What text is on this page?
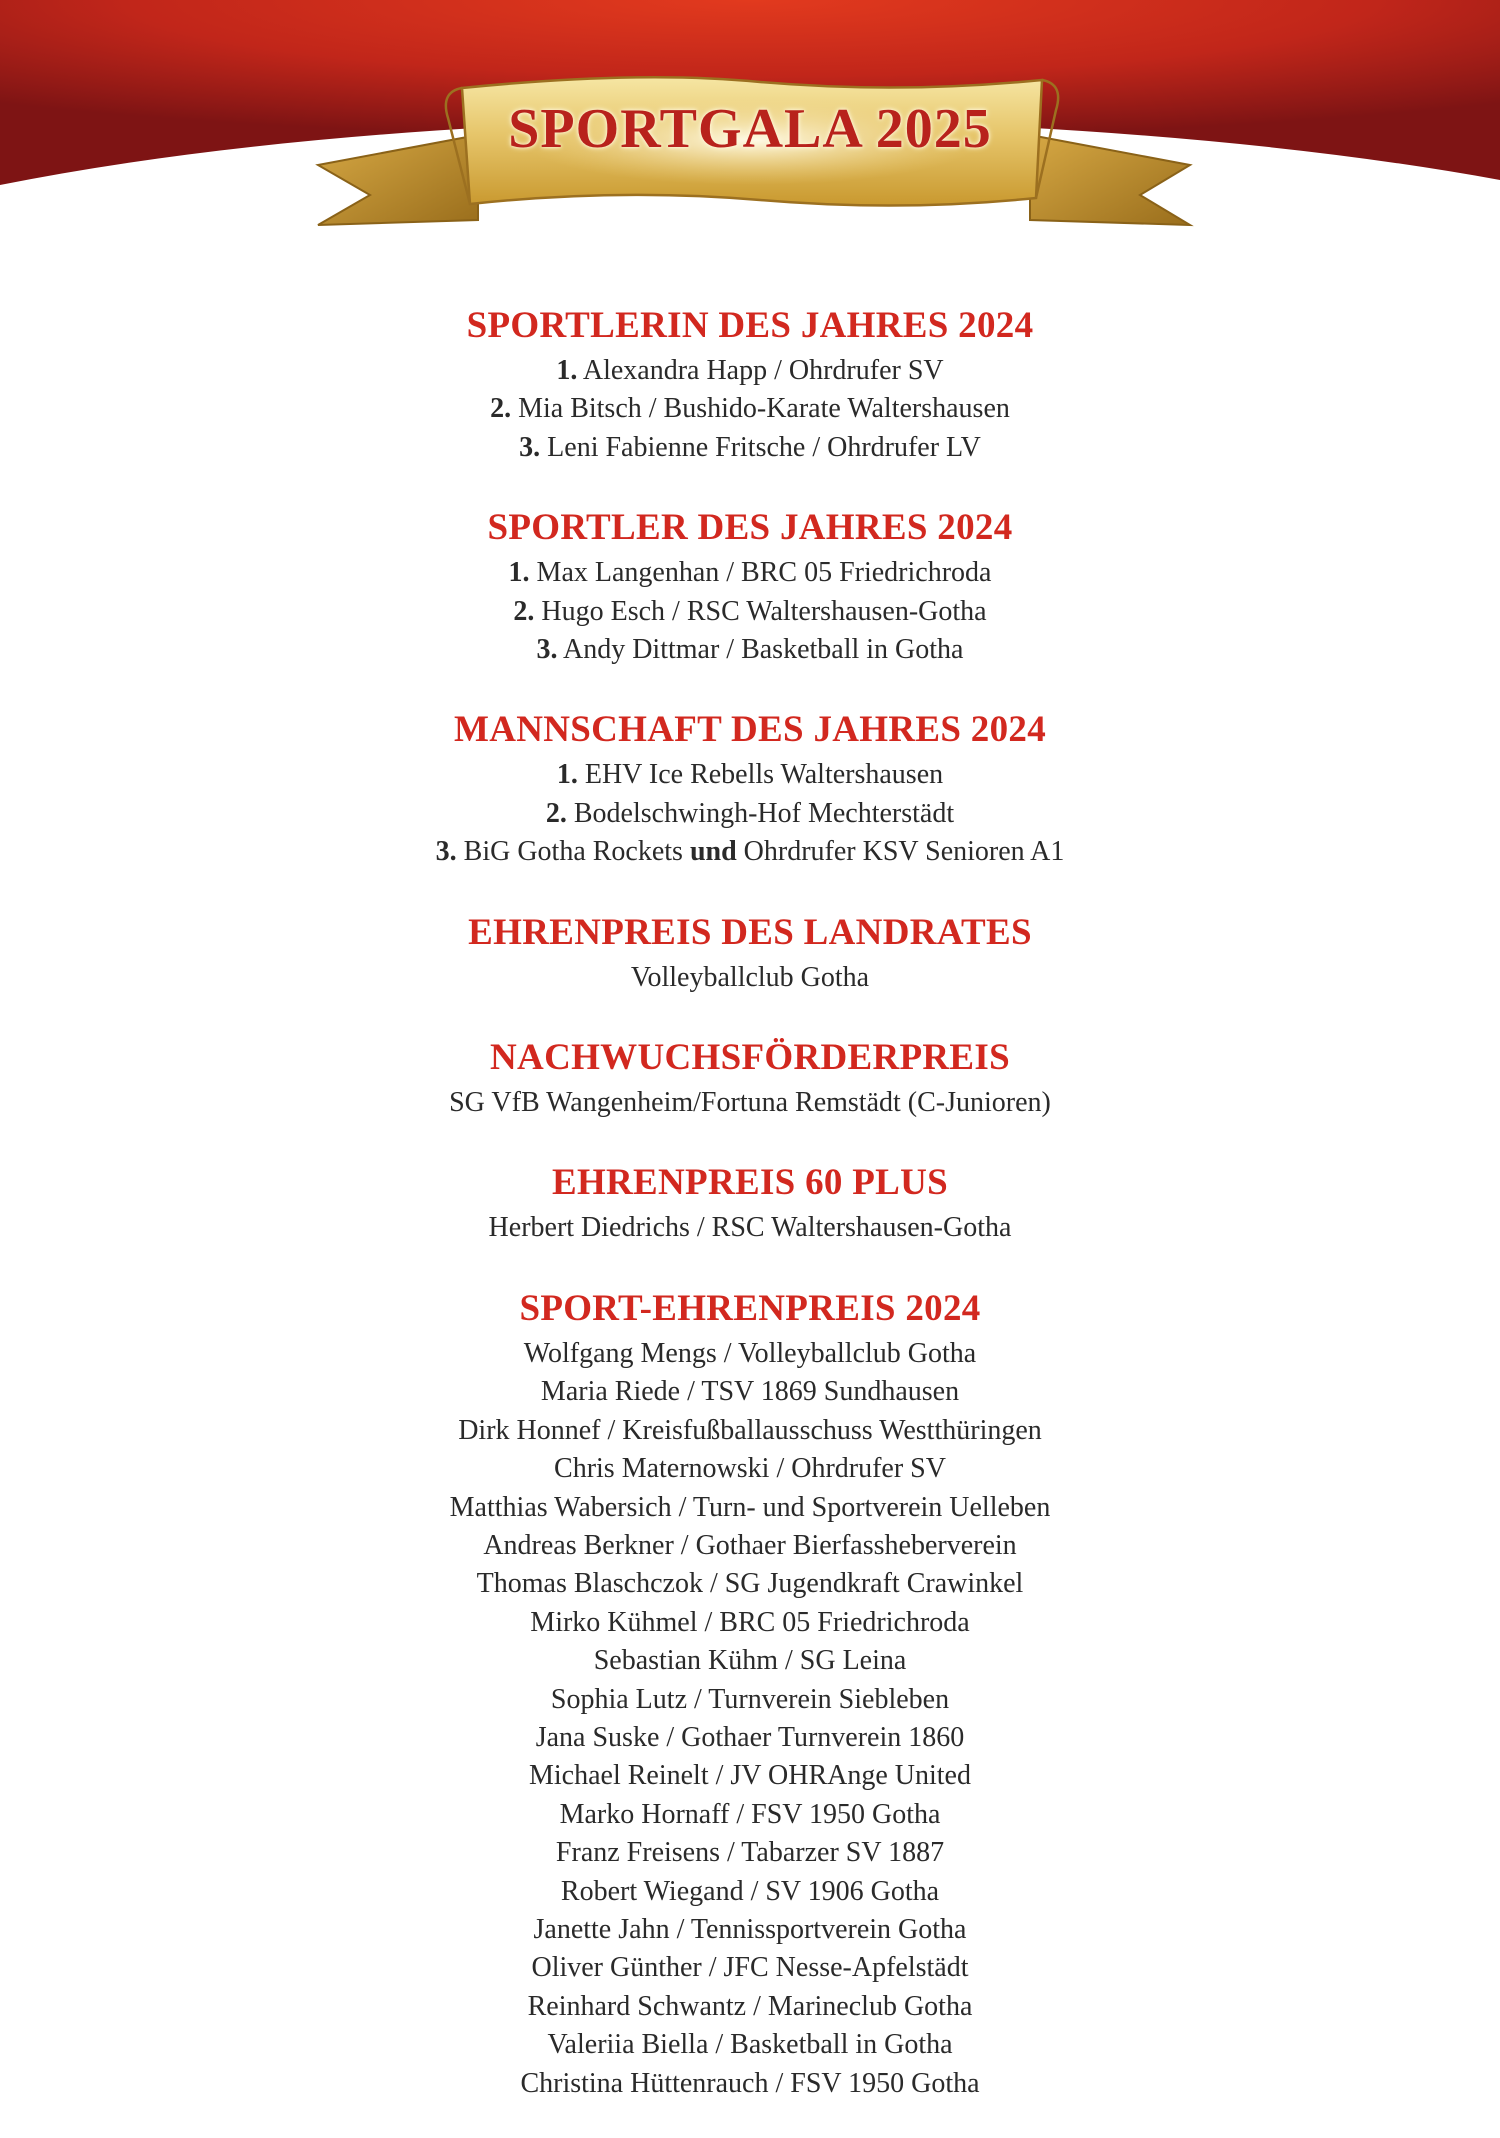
SPORTGALA 2025
SPORTLERIN DES JAHRES 2024
1. Alexandra Happ / Ohrdrufer SV
2. Mia Bitsch / Bushido-Karate Waltershausen
3. Leni Fabienne Fritsche / Ohrdrufer LV
SPORTLER DES JAHRES 2024
1. Max Langenhan / BRC 05 Friedrichroda
2. Hugo Esch / RSC Waltershausen-Gotha
3. Andy Dittmar / Basketball in Gotha
MANNSCHAFT DES JAHRES 2024
1. EHV Ice Rebells Waltershausen
2. Bodelschwingh-Hof Mechterstädt
3. BiG Gotha Rockets und Ohrdrufer KSV Senioren A1
EHRENPREIS DES LANDRATES
Volleyballclub Gotha
NACHWUCHSFÖRDERPREIS
SG VfB Wangenheim/Fortuna Remstädt (C-Junioren)
EHRENPREIS 60 PLUS
Herbert Diedrichs / RSC Waltershausen-Gotha
SPORT-EHRENPREIS 2024
Wolfgang Mengs / Volleyballclub Gotha
Maria Riede / TSV 1869 Sundhausen
Dirk Honnef / Kreisfußballausschuss Westthüringen
Chris Maternowski / Ohrdrufer SV
Matthias Wabersich / Turn- und Sportverein Uelleben
Andreas Berkner / Gothaer Bierfassheberverein
Thomas Blaschczok / SG Jugendkraft Crawinkel
Mirko Kühmel / BRC 05 Friedrichroda
Sebastian Kühm / SG Leina
Sophia Lutz / Turnverein Siebleben
Jana Suske / Gothaer Turnverein 1860
Michael Reinelt / JV OHRAnge United
Marko Hornaff / FSV 1950 Gotha
Franz Freisens / Tabarzer SV 1887
Robert Wiegand / SV 1906 Gotha
Janette Jahn / Tennissportverein Gotha
Oliver Günther / JFC Nesse-Apfelstädt
Reinhard Schwantz / Marineclub Gotha
Valeriia Biella / Basketball in Gotha
Christina Hüttenrauch / FSV 1950 Gotha
